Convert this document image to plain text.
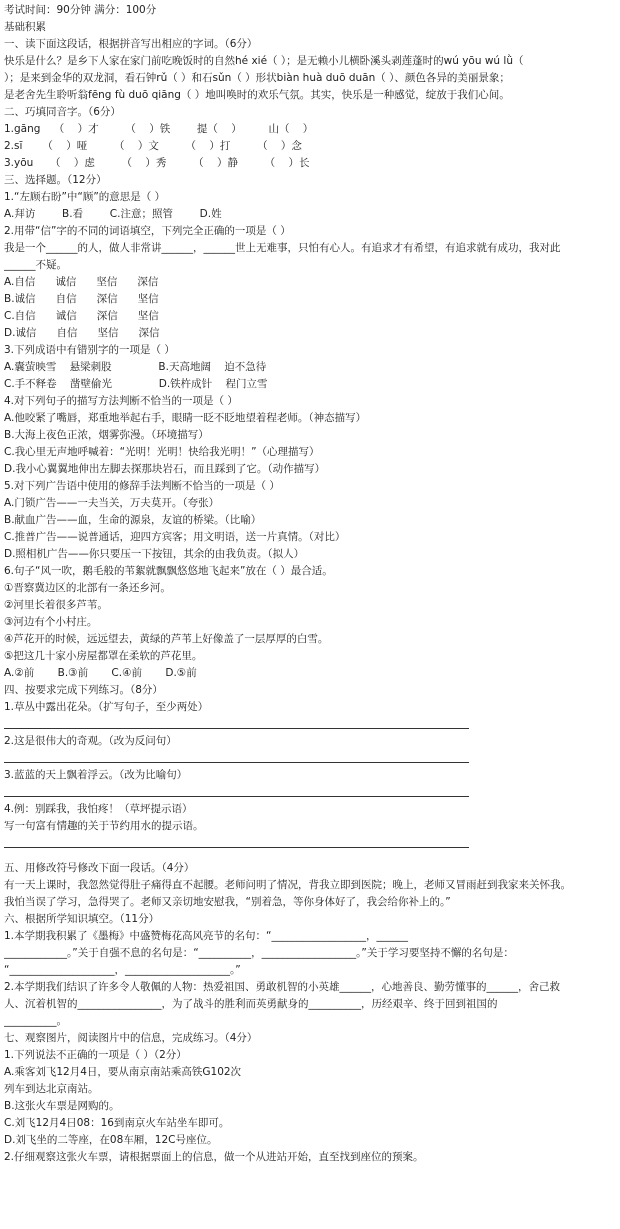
考试时间：90分钟 满分：100分
基础积累
一、读下面这段话，根据拼音写出相应的字词。（6分）
快乐是什么？是乡下人家在家门前吃晚饭时的自然hé xié（ ）；是无赖小儿横卧溪头剥莲蓬时的wú yōu wú lǜ（
）；是来到金华的双龙洞，看石钟rǔ（ ）和石sǔn（ ）形状biàn huà duō duān（ ）、颜色各异的美丽景象；
是老舍先生聆听翁fēng fù duō qiāng（ ）地叫唤时的欢乐气氛。其实，快乐是一种感觉，绽放于我们心间。
二、巧填同音字。（6分）
1.gāng    （    ）才        （    ）铁        提（    ）        山（    ）
2.sī      （    ）哑        （    ）文        （    ）打        （    ）念
3.yōu     （    ）虑        （    ）秀        （    ）静        （    ）长
三、选择题。（12分）
1.“左顾右盼”中“顾”的意思是（ ）
A.拜访        B.看        C.注意；照管        D.姓
2.用带“信”字的不同的词语填空，下列完全正确的一项是（ ）
我是一个______的人，做人非常讲______，______世上无难事，只怕有心人。有追求才有希望，有追求就有成功，我对此
______不疑。
A.自信      诚信      坚信      深信
B.诚信      自信      深信      坚信
C.自信      诚信      深信      坚信
D.诚信      自信      坚信      深信
3.下列成语中有错别字的一项是（ ）
A.囊萤映雪    悬梁刺股              B.天高地阔    迫不急待
C.手不释卷    凿壁偷光              D.铁杵成针    程门立雪
4.对下列句子的描写方法判断不恰当的一项是（ ）
A.他咬紧了嘴唇，郑重地举起右手，眼睛一眨不眨地望着程老师。（神态描写）
B.大海上夜色正浓，烟雾弥漫。（环境描写）
C.我心里无声地呼喊着：“光明！光明！快给我光明！”（心理描写）
D.我小心翼翼地伸出左脚去探那块岩石，而且踩到了它。（动作描写）
5.对下列广告语中使用的修辞手法判断不恰当的一项是（ ）
A.门锁广告——一夫当关，万夫莫开。（夸张）
B.献血广告——血，生命的源泉，友谊的桥梁。（比喻）
C.推普广告——说普通话，迎四方宾客；用文明语，送一片真情。（对比）
D.照相机广告——你只要压一下按钮，其余的由我负责。（拟人）
6.句子“风一吹，鹅毛般的苇絮就飘飘悠悠地飞起来”放在（ ）最合适。
①晋察冀边区的北部有一条还乡河。
②河里长着很多芦苇。
③河边有个小村庄。
④芦花开的时候，远远望去，黄绿的芦苇上好像盖了一层厚厚的白雪。
⑤把这几十家小房屋都罩在柔软的芦花里。
A.②前       B.③前       C.④前       D.⑤前
四、按要求完成下列练习。（8分）
1.草丛中露出花朵。（扩写句子，至少两处）
2.这是很伟大的奇观。（改为反问句）
3.蓝蓝的天上飘着浮云。（改为比喻句）
4.例：别踩我，我怕疼！（草坪提示语）
写一句富有情趣的关于节约用水的提示语。
五、用修改符号修改下面一段话。（4分）
有一天上课时，我忽然觉得肚子痛得直不起腰。老师问明了情况，背我立即到医院；晚上，老师又冒雨赶到我家来关怀我。
我怕当误了学习，急得哭了。老师又亲切地安慰我，“别着急，等你身体好了，我会给你补上的。”
六、根据所学知识填空。（11分）
1.本学期我积累了《墨梅》中盛赞梅花高风亮节的名句：“__________________，______
____________。”关于自强不息的名句是：“__________，__________________。”关于学习要坚持不懈的名句是：
“____________________，____________________。”
2.本学期我们结识了许多令人敬佩的人物：热爱祖国、勇敢机智的小英雄______，心地善良、勤劳懂事的______，舍己救
人、沉着机智的________________，为了战斗的胜利而英勇献身的__________，历经艰辛、终于回到祖国的
__________。
七、观察图片，阅读图片中的信息，完成练习。（4分）
1.下列说法不正确的一项是（ ）（2分）
A.乘客刘飞12月4日，要从南京南站乘高铁G102次
列车到达北京南站。
B.这张火车票是网购的。
C.刘飞12月4日08：16到南京火车站坐车即可。
D.刘飞坐的二等座，在08车厢，12C号座位。
2.仔细观察这张火车票，请根据票面上的信息，做一个从进站开始，直至找到座位的预案。
